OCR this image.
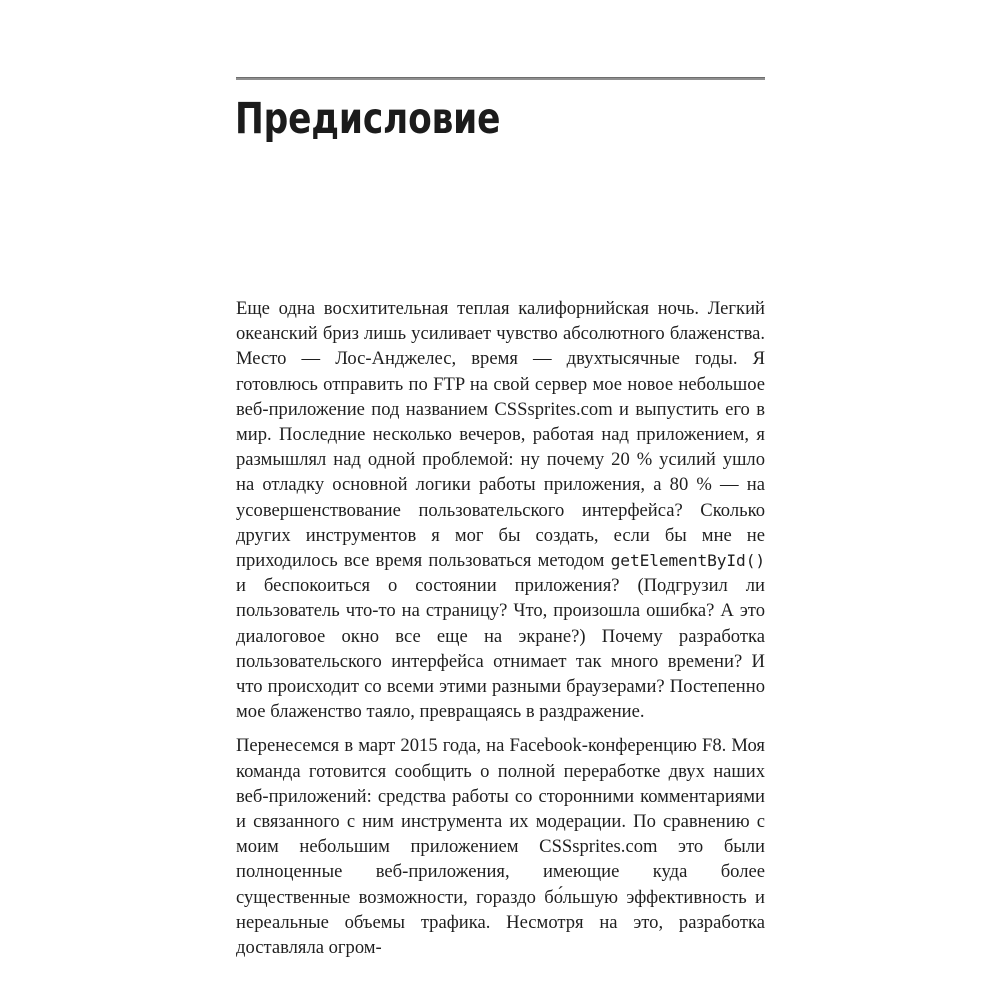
Предисловие

Еще одна восхитительная теплая калифорнийская ночь. Легкий океанский бриз лишь усиливает чувство абсолютного блаженства. Место — Лос-Анджелес, время — двухтысячные годы. Я готовлюсь отправить по FTP на свой сервер мое новое небольшое веб-приложение под названием CSSsprites.com и выпустить его в мир. Последние несколько вечеров, работая над приложением, я размышлял над одной проблемой: ну почему 20 % усилий ушло на отладку основной логики работы приложения, а 80 % — на усовершенствование пользовательского интерфейса? Сколько других инструментов я мог бы создать, если бы мне не приходилось все время пользоваться методом getElementById() и беспокоиться о состоянии приложения? (Подгрузил ли пользователь что-то на страницу? Что, произошла ошибка? А это диалоговое окно все еще на экране?) Почему разработка пользовательского интерфейса отнимает так много времени? И что происходит со всеми этими разными браузерами? Постепенно мое блаженство таяло, превращаясь в раздражение.

Перенесемся в март 2015 года, на Facebook-конференцию F8. Моя команда готовится сообщить о полной переработке двух наших веб-приложений: средства работы со сторонними комментариями и связанного с ним инструмента их модерации. По сравнению с моим небольшим приложением CSSsprites.com это были полноценные веб-приложения, имеющие куда более существенные возможности, гораздо бо́льшую эффективность и нереальные объемы трафика. Несмотря на это, разработка доставляла огром-
